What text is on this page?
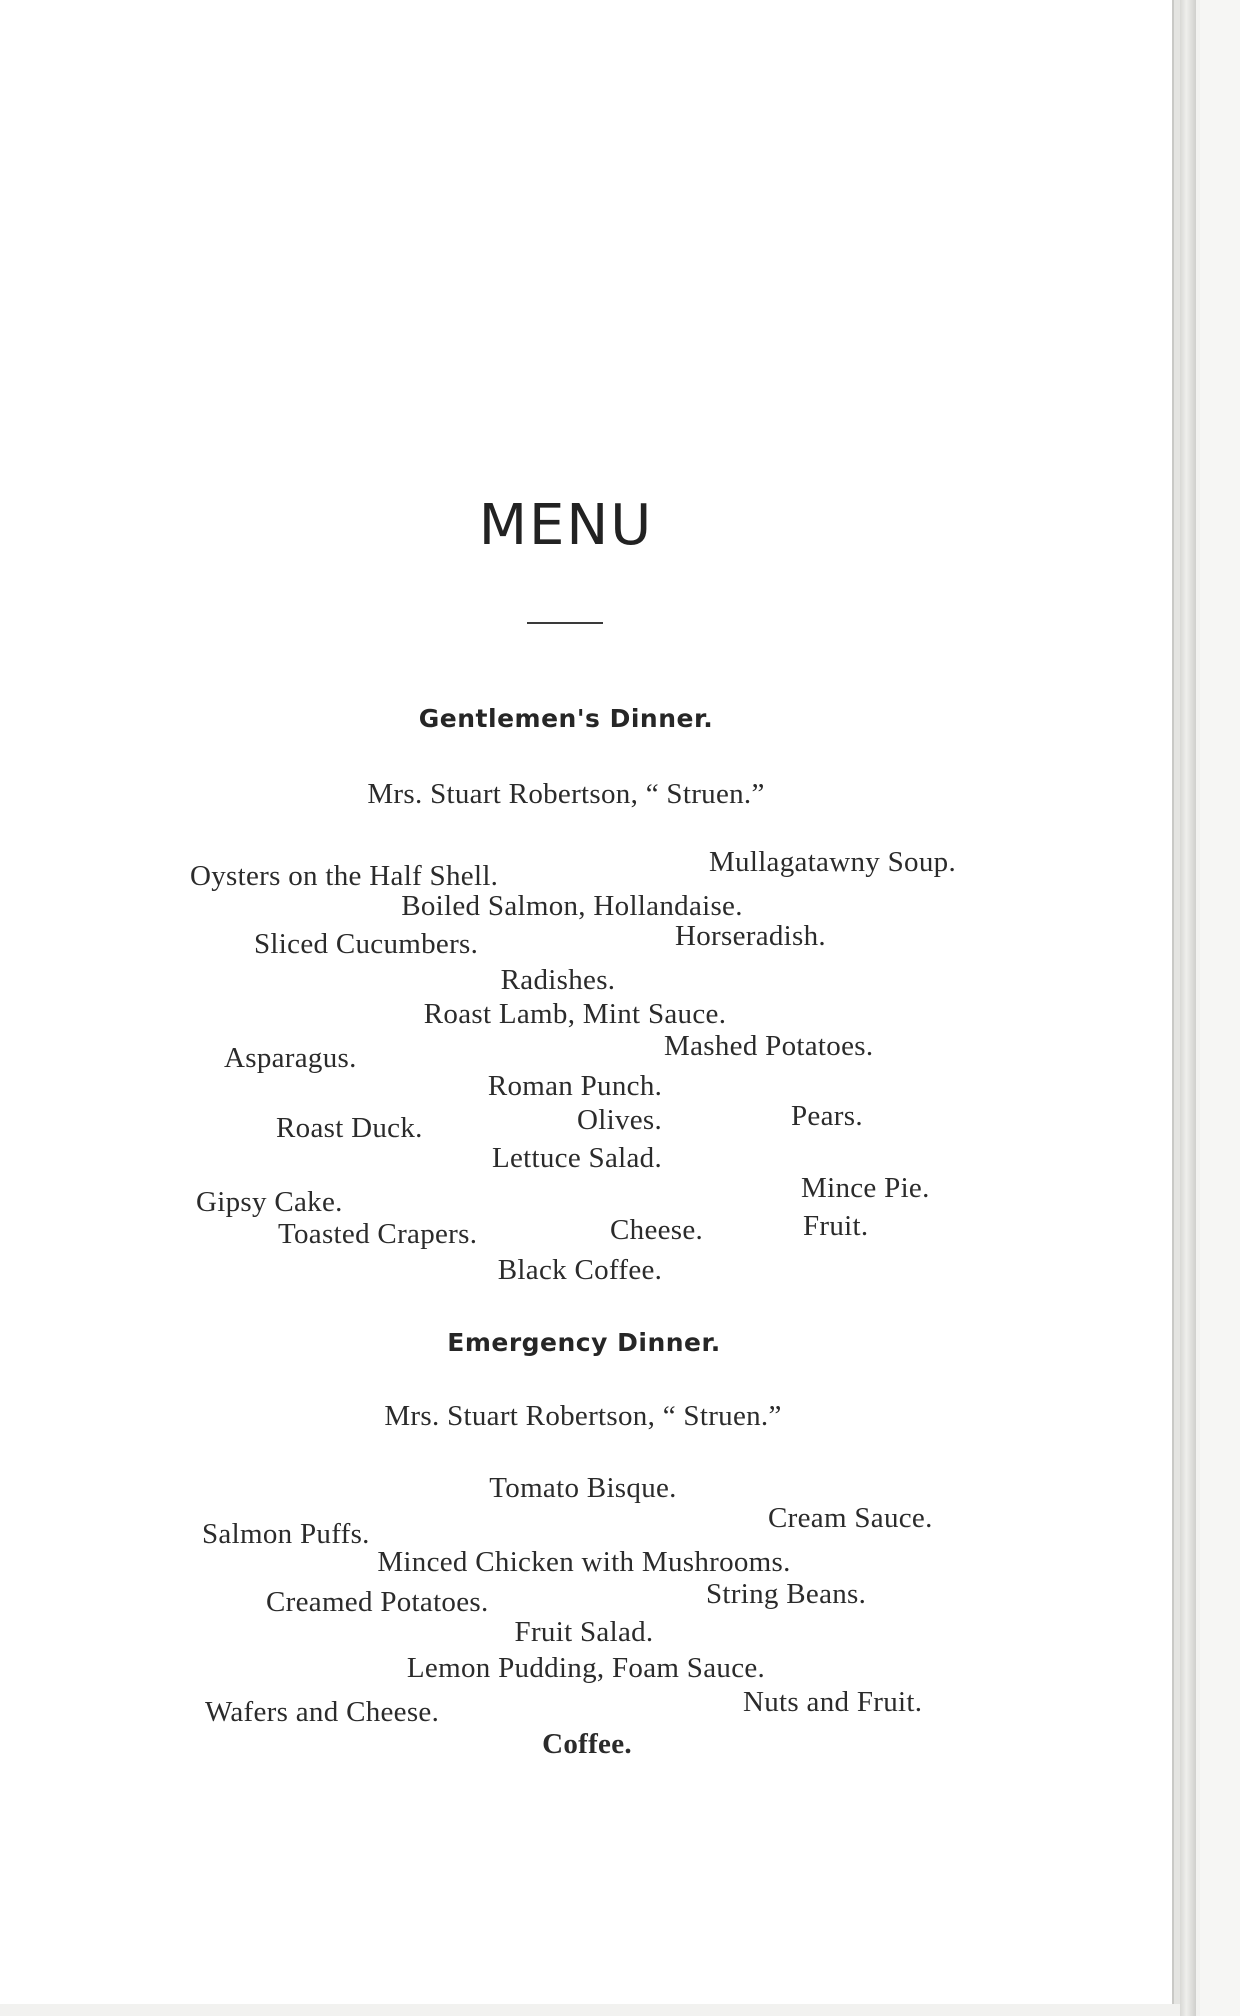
MENU
Gentlemen's Dinner.
Mrs. Stuart Robertson, “ Struen.”
Oysters on the Half Shell.	Mullagatawny Soup.
Boiled Salmon, Hollandaise.
Sliced Cucumbers.	Horseradish.
Radishes.
Roast Lamb, Mint Sauce.
Asparagus.	Mashed Potatoes.
Roman Punch.
Roast Duck.	Olives.	Pears.
Lettuce Salad.
Mince Pie.
Gipsy Cake.
Fruit.
Toasted Crapers.	Cheese.
Black Coffee.
Emergency Dinner.
Mrs. Stuart Robertson, “ Struen.”
Tomato Bisque.
Salmon Puffs.	Cream Sauce.
Minced Chicken with Mushrooms.
Creamed Potatoes.	String Beans.
Fruit Salad.
Lemon Pudding, Foam Sauce.
Wafers and Cheese.	Nuts and Fruit.
Coffee.
